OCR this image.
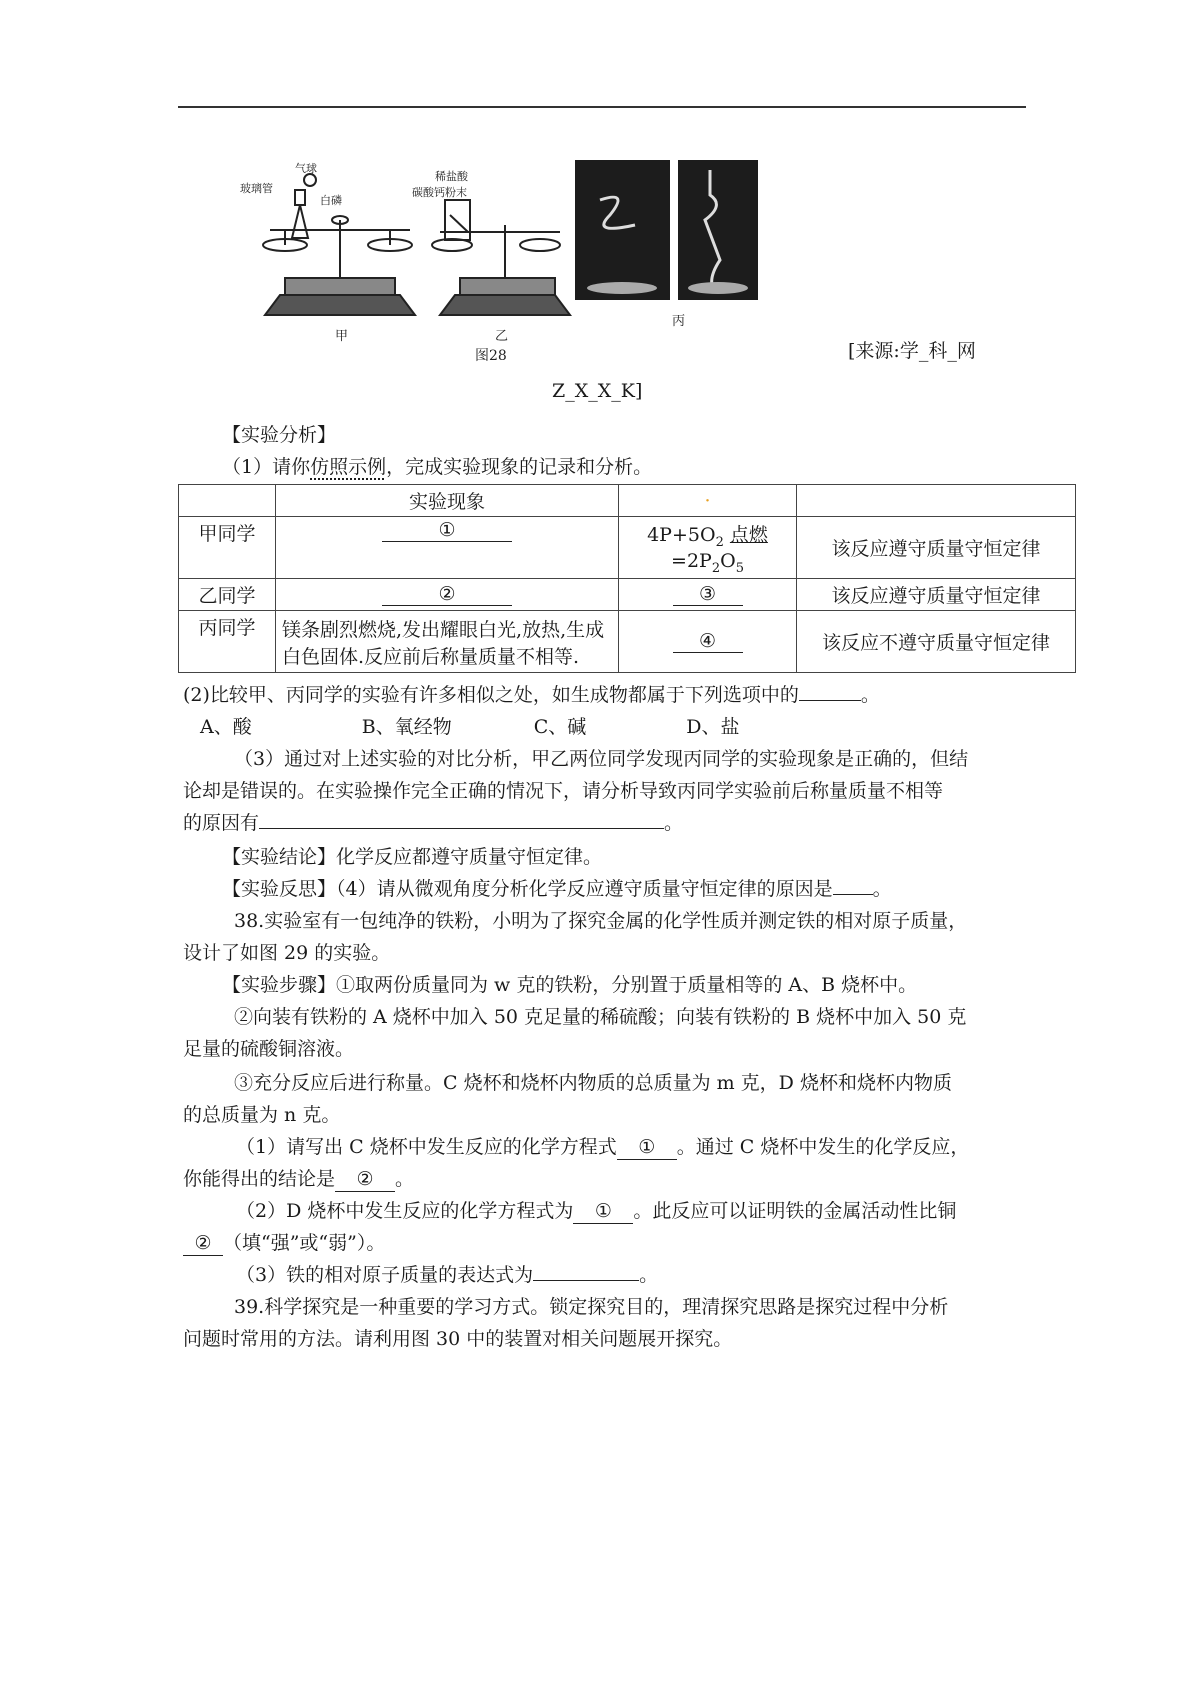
气球
玻璃管
白磷
甲
稀盐酸
碳酸钙粉末
乙
图28
丙
[来源:学_科_网
Z_X_X_K]
【实验分析】
（1）请你仿照示例，完成实验现象的记录和分析。
	实验现象	·	
甲同学	①	$4P+5O_2$ 点燃
$=2P_2O_5$	该反应遵守质量守恒定律
乙同学	②	③	该反应遵守质量守恒定律
丙同学	镁条剧烈燃烧,发出耀眼白光,放热,生成
白色固体.反应前后称量质量不相等.	④	该反应不遵守质量守恒定律
(2)比较甲、丙同学的实验有许多相似之处，如生成物都属于下列选项中的	。
A、酸	B、氧经物	C、碱	D、盐
（3）通过对上述实验的对比分析，甲乙两位同学发现丙同学的实验现象是正确的，但结
论却是错误的。在实验操作完全正确的情况下，请分析导致丙同学实验前后称量质量不相等
的原因有	。
【实验结论】化学反应都遵守质量守恒定律。
【实验反思】（4）请从微观角度分析化学反应遵守质量守恒定律的原因是 。
38.实验室有一包纯净的铁粉，小明为了探究金属的化学性质并测定铁的相对原子质量，
设计了如图 29 的实验。
【实验步骤】①取两份质量同为 w 克的铁粉，分别置于质量相等的 A、B 烧杯中。
②向装有铁粉的 A 烧杯中加入 50 克足量的稀硫酸；向装有铁粉的 B 烧杯中加入 50 克
足量的硫酸铜溶液。
③充分反应后进行称量。C 烧杯和烧杯内物质的总质量为 m 克，D 烧杯和烧杯内物质
的总质量为 n 克。
（1）请写出 C 烧杯中发生反应的化学方程式 ① 。通过 C 烧杯中发生的化学反应，
你能得出的结论是 ② 。
（2）D 烧杯中发生反应的化学方程式为 ① 。此反应可以证明铁的金属活动性比铜
② （填“强”或“弱”）。
（3）铁的相对原子质量的表达式为	。
39.科学探究是一种重要的学习方式。锁定探究目的，理清探究思路是探究过程中分析
问题时常用的方法。请利用图 30 中的装置对相关问题展开探究。
